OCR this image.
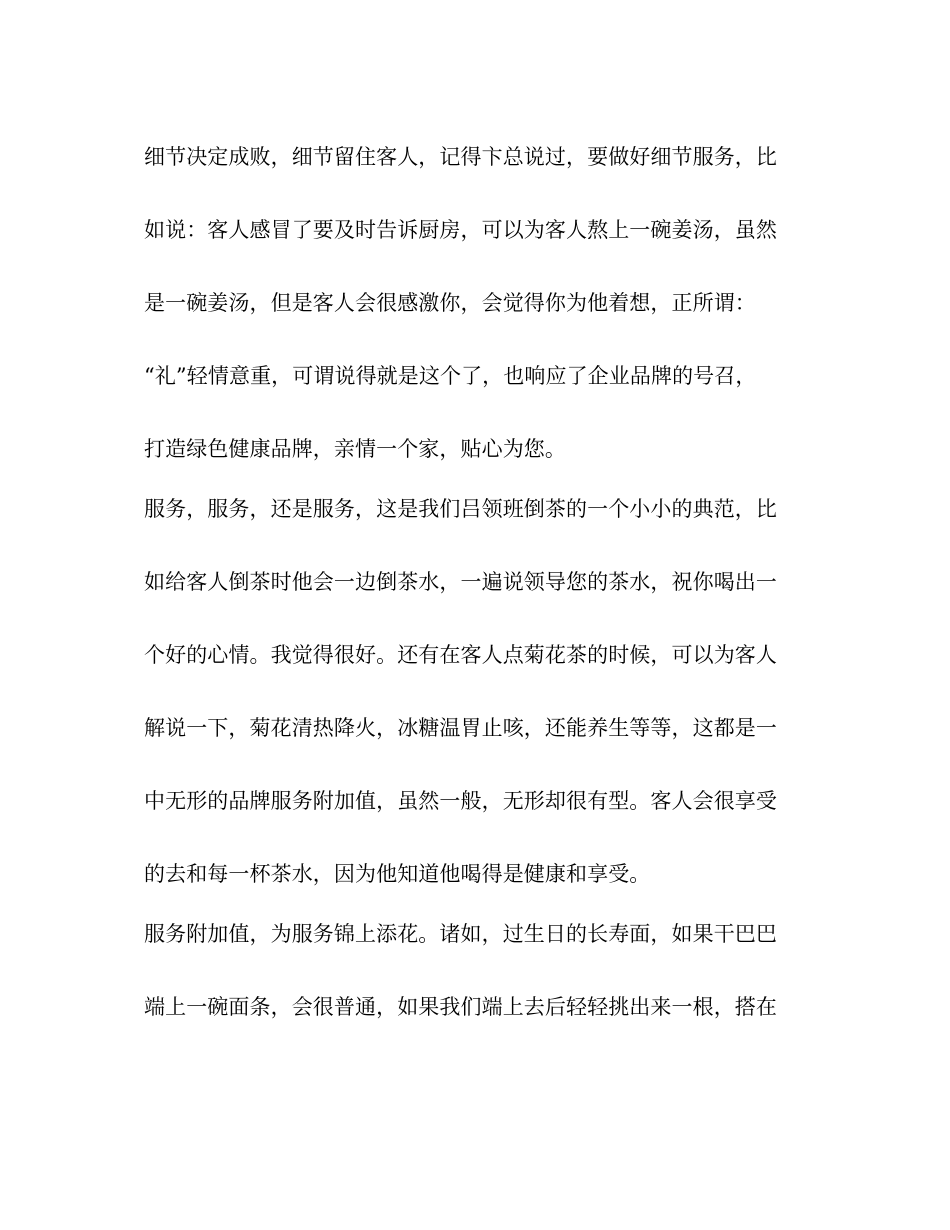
细节决定成败，细节留住客人，记得卞总说过，要做好细节服务，比
如说：客人感冒了要及时告诉厨房，可以为客人熬上一碗姜汤，虽然
是一碗姜汤，但是客人会很感激你，会觉得你为他着想，正所谓：
“礼”轻情意重，可谓说得就是这个了，也响应了企业品牌的号召，
打造绿色健康品牌，亲情一个家，贴心为您。
服务，服务，还是服务，这是我们吕领班倒茶的一个小小的典范，比
如给客人倒茶时他会一边倒茶水，一遍说领导您的茶水，祝你喝出一
个好的心情。我觉得很好。还有在客人点菊花茶的时候，可以为客人
解说一下，菊花清热降火，冰糖温胃止咳，还能养生等等，这都是一
中无形的品牌服务附加值，虽然一般，无形却很有型。客人会很享受
的去和每一杯茶水，因为他知道他喝得是健康和享受。
服务附加值，为服务锦上添花。诸如，过生日的长寿面，如果干巴巴
端上一碗面条，会很普通，如果我们端上去后轻轻挑出来一根，搭在
